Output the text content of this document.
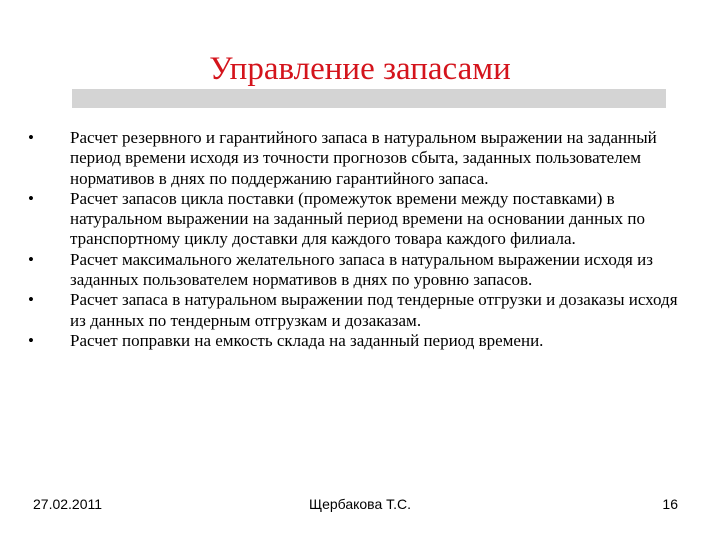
Управление запасами
•	Расчет резервного и гарантийного запаса в натуральном выражении на заданный период времени исходя из точности прогнозов сбыта, заданных пользователем нормативов в днях по поддержанию гарантийного запаса.
•	Расчет запасов цикла поставки (промежуток времени между поставками) в натуральном выражении на заданный период времени на основании данных по транспортному циклу доставки для каждого товара каждого филиала.
•	Расчет максимального желательного запаса в натуральном выражении исходя из заданных пользователем нормативов в днях по уровню запасов.
•	Расчет запаса в натуральном выражении под тендерные отгрузки и дозаказы исходя из данных по тендерным отгрузкам и дозаказам.
•	Расчет поправки на емкость склада на заданный период времени.
27.02.2011	Щербакова Т.С.	16
